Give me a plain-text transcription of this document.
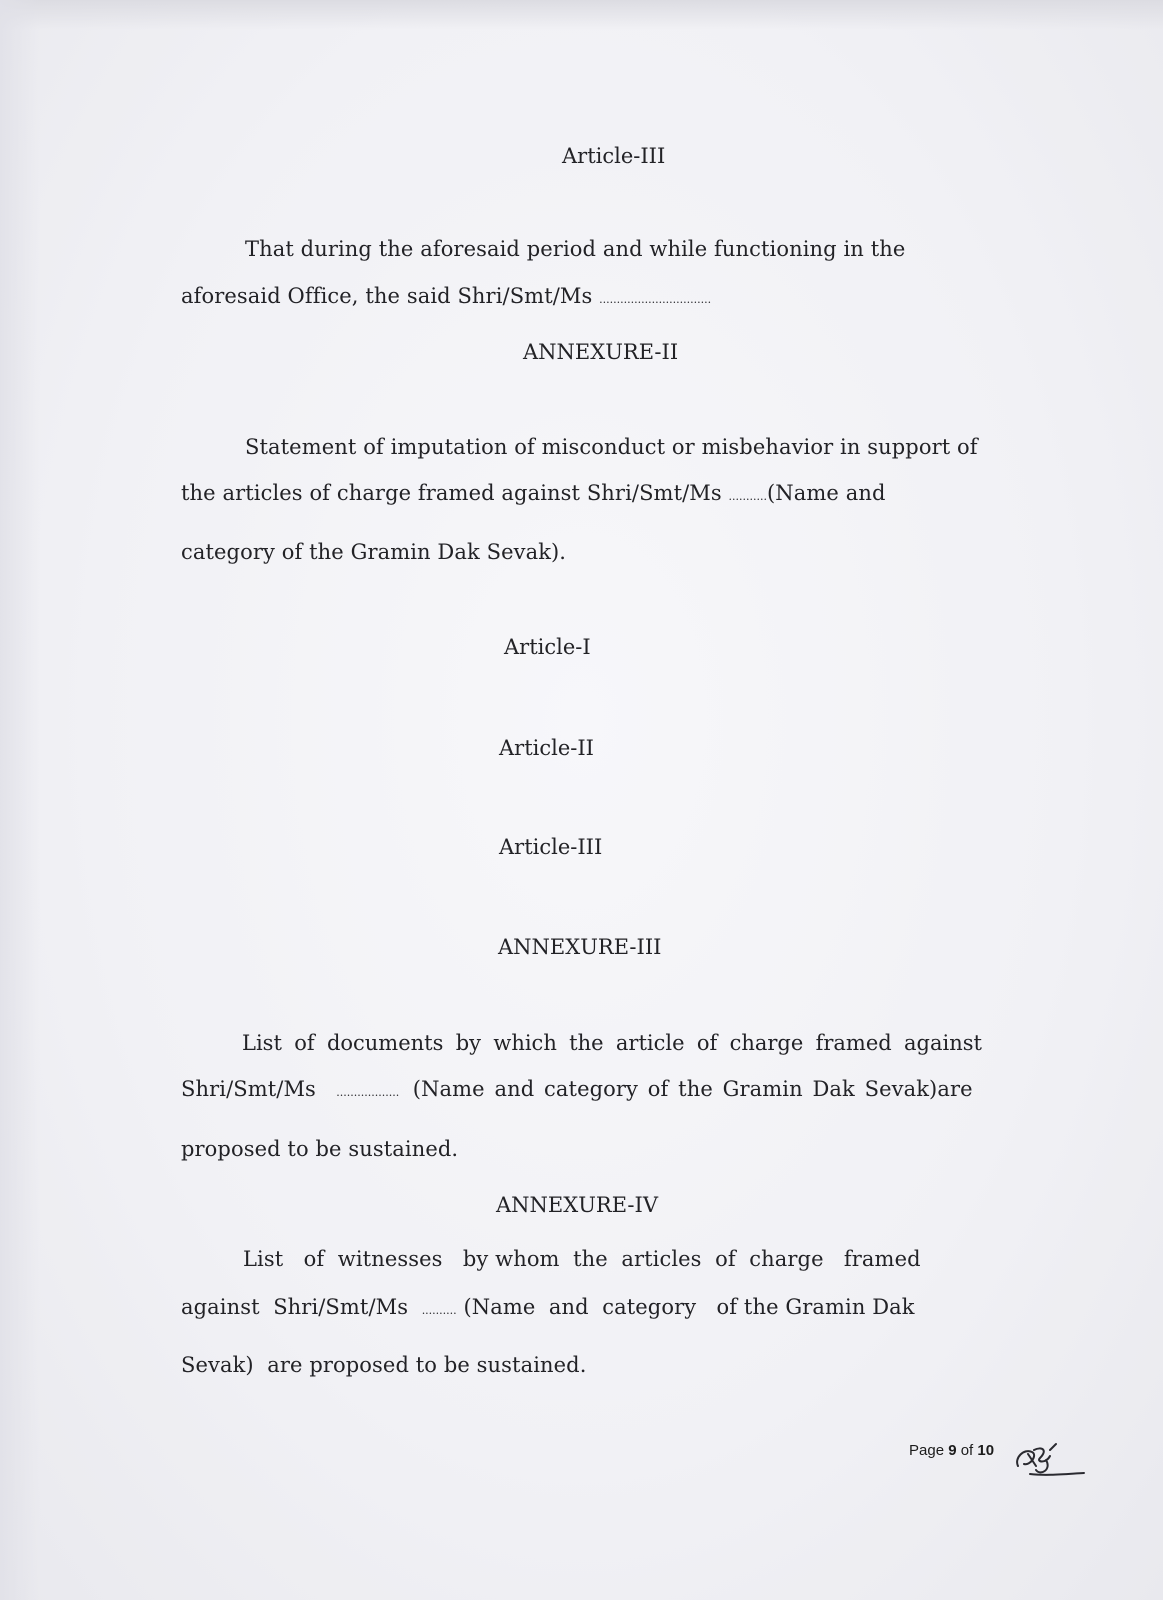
Article-III
That during the aforesaid period and while functioning in the
aforesaid Office, the said Shri/Smt/Ms ................................
ANNEXURE-II
Statement of imputation of misconduct or misbehavior in support of
the articles of charge framed against Shri/Smt/Ms ...........(Name and
category of the Gramin Dak Sevak).
Article-I
Article-II
Article-III
ANNEXURE-III
List of documents by which the article of charge framed against
Shri/Smt/Ms .................. (Name and category of the Gramin Dak Sevak)are
proposed to be sustained.
ANNEXURE-IV
List   of  witnesses   by whom  the  articles  of  charge   framed
against  Shri/Smt/Ms .......... (Name  and  category   of the Gramin Dak
Sevak)  are proposed to be sustained.
Page 9 of 10
